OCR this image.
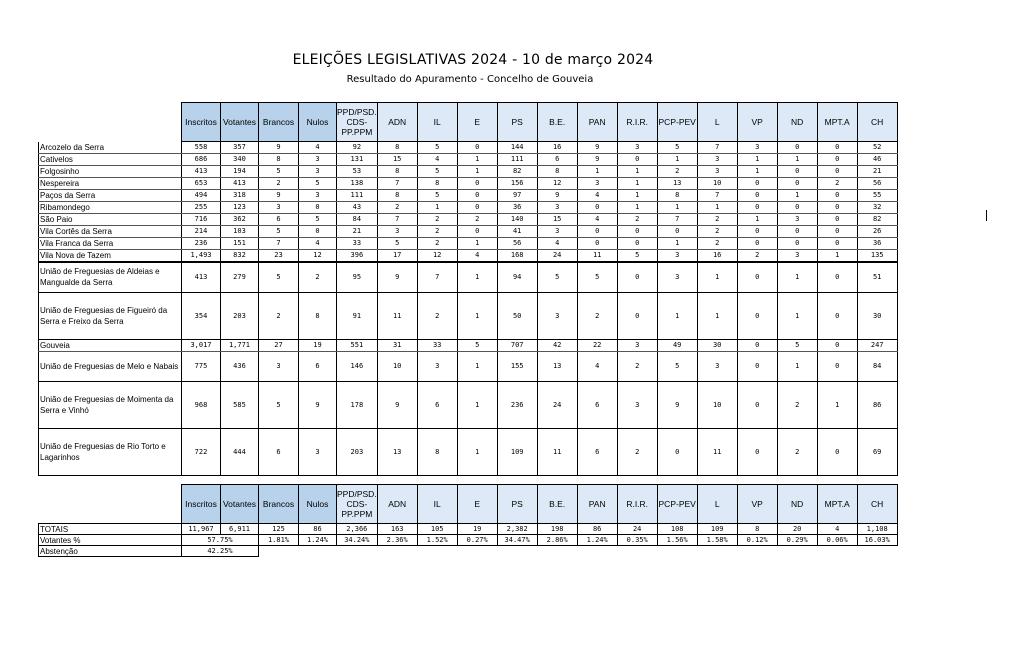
ELEIÇÕES LEGISLATIVAS 2024 - 10 de março 2024
Resultado do Apuramento - Concelho de Gouveia
	Inscritos	Votantes	Brancos	Nulos	PPD/PSD.
CDS-
PP.PPM	ADN	IL	E	PS	B.E.	PAN	R.I.R.	PCP-PEV	L	VP	ND	MPT.A	CH
Arcozelo da Serra	558	357	9	4	92	8	5	0	144	16	9	3	5	7	3	0	0	52
Cativelos	686	340	8	3	131	15	4	1	111	6	9	0	1	3	1	1	0	46
Folgosinho	413	194	5	3	53	8	5	1	82	8	1	1	2	3	1	0	0	21
Nespereira	653	413	2	5	138	7	8	0	156	12	3	1	13	10	0	0	2	56
Paços da Serra	494	318	9	3	111	8	5	0	97	9	4	1	8	7	0	1	0	55
Ribamondego	255	123	3	0	43	2	1	0	36	3	0	1	1	1	0	0	0	32
São Paio	716	362	6	5	84	7	2	2	140	15	4	2	7	2	1	3	0	82
Vila Cortês da Serra	214	103	5	0	21	3	2	0	41	3	0	0	0	2	0	0	0	26
Vila Franca da Serra	236	151	7	4	33	5	2	1	56	4	0	0	1	2	0	0	0	36
Vila Nova de Tazem	1,493	832	23	12	396	17	12	4	168	24	11	5	3	16	2	3	1	135
União de Freguesias de Aldeias e Mangualde da Serra	413	279	5	2	95	9	7	1	94	5	5	0	3	1	0	1	0	51
União de Freguesias de Figueiró da Serra e Freixo da Serra	354	203	2	8	91	11	2	1	50	3	2	0	1	1	0	1	0	30
Gouveia	3,017	1,771	27	19	551	31	33	5	707	42	22	3	49	30	0	5	0	247
União de Freguesias de Melo e Nabais	775	436	3	6	146	10	3	1	155	13	4	2	5	3	0	1	0	84
União de Freguesias de Moimenta da Serra e Vinhó	968	585	5	9	178	9	6	1	236	24	6	3	9	10	0	2	1	86
União de Freguesias de Rio Torto e Lagarinhos	722	444	6	3	203	13	8	1	109	11	6	2	0	11	0	2	0	69
	Inscritos	Votantes	Brancos	Nulos	PPD/PSD.
CDS-
PP.PPM	ADN	IL	E	PS	B.E.	PAN	R.I.R.	PCP-PEV	L	VP	ND	MPT.A	CH
TOTAIS	11,967	6,911	125	86	2,366	163	105	19	2,382	198	86	24	108	109	8	20	4	1,108
Votantes %	57.75%		1.81%	1.24%	34.24%	2.36%	1.52%	0.27%	34.47%	2.86%	1.24%	0.35%	1.56%	1.58%	0.12%	0.29%	0.06%	16.03%
Abstenção	42.25%																	
